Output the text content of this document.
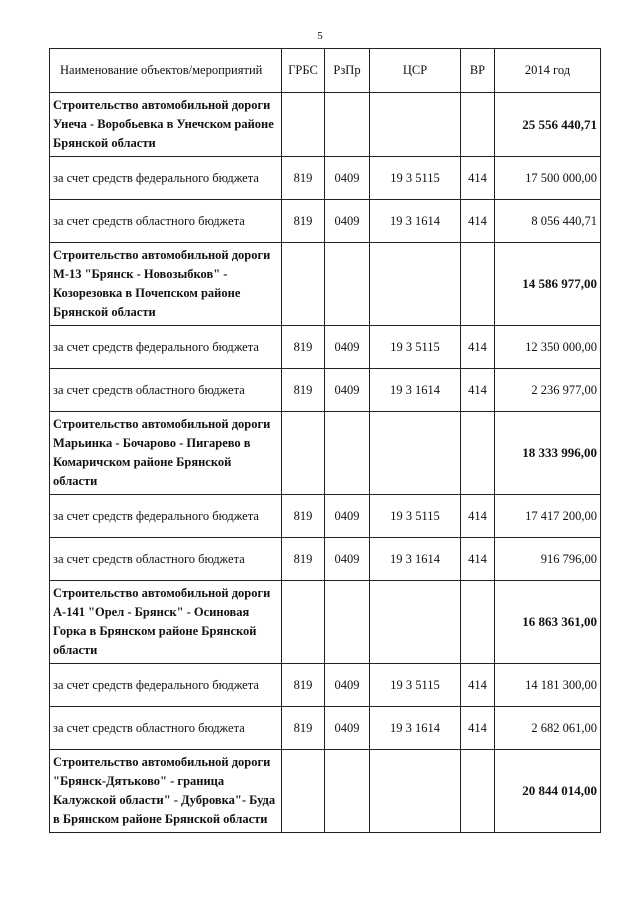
5
Наименование объектов/мероприятий	ГРБС	РзПр	ЦСР	ВР	2014 год
Строительство автомобильной дороги Унеча - Воробьевка в Унечском районе Брянской области					25 556 440,71
за счет средств федерального бюджета	819	0409	19 3 5115	414	17 500 000,00
за счет средств областного бюджета	819	0409	19 3 1614	414	8 056 440,71
Строительство автомобильной дороги М-13 "Брянск - Новозыбков" - Козорезовка в Почепском районе Брянской области					14 586 977,00
за счет средств федерального бюджета	819	0409	19 3 5115	414	12 350 000,00
за счет средств областного бюджета	819	0409	19 3 1614	414	2 236 977,00
Строительство автомобильной дороги Марьинка - Бочарово - Пигарево в Комаричском районе Брянской области					18 333 996,00
за счет средств федерального бюджета	819	0409	19 3 5115	414	17 417 200,00
за счет средств областного бюджета	819	0409	19 3 1614	414	916 796,00
Строительство автомобильной дороги А-141 "Орел - Брянск" - Осиновая Горка в Брянском районе Брянской области					16 863 361,00
за счет средств федерального бюджета	819	0409	19 3 5115	414	14 181 300,00
за счет средств областного бюджета	819	0409	19 3 1614	414	2 682 061,00
Строительство автомобильной дороги "Брянск-Дятьково" - граница Калужской области" - Дубровка"- Буда в Брянском районе Брянской области					20 844 014,00
